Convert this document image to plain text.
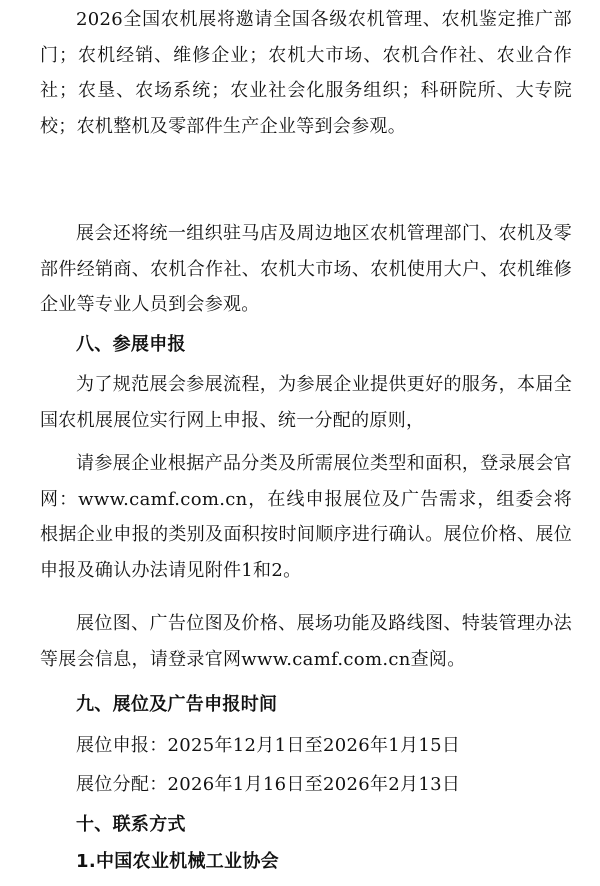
2026全国农机展将邀请全国各级农机管理、农机鉴定推广部门；农机经销、维修企业；农机大市场、农机合作社、农业合作社；农垦、农场系统；农业社会化服务组织；科研院所、大专院校；农机整机及零部件生产企业等到会参观。

展会还将统一组织驻马店及周边地区农机管理部门、农机及零部件经销商、农机合作社、农机大市场、农机使用大户、农机维修企业等专业人员到会参观。

八、参展申报

为了规范展会参展流程，为参展企业提供更好的服务，本届全国农机展展位实行网上申报、统一分配的原则，

请参展企业根据产品分类及所需展位类型和面积，登录展会官网：www.camf.com.cn，在线申报展位及广告需求，组委会将根据企业申报的类别及面积按时间顺序进行确认。展位价格、展位申报及确认办法请见附件1和2。

展位图、广告位图及价格、展场功能及路线图、特装管理办法等展会信息，请登录官网www.camf.com.cn查阅。

九、展位及广告申报时间

展位申报：2025年12月1日至2026年1月15日

展位分配：2026年1月16日至2026年2月13日

十、联系方式
1.中国农业机械工业协会
